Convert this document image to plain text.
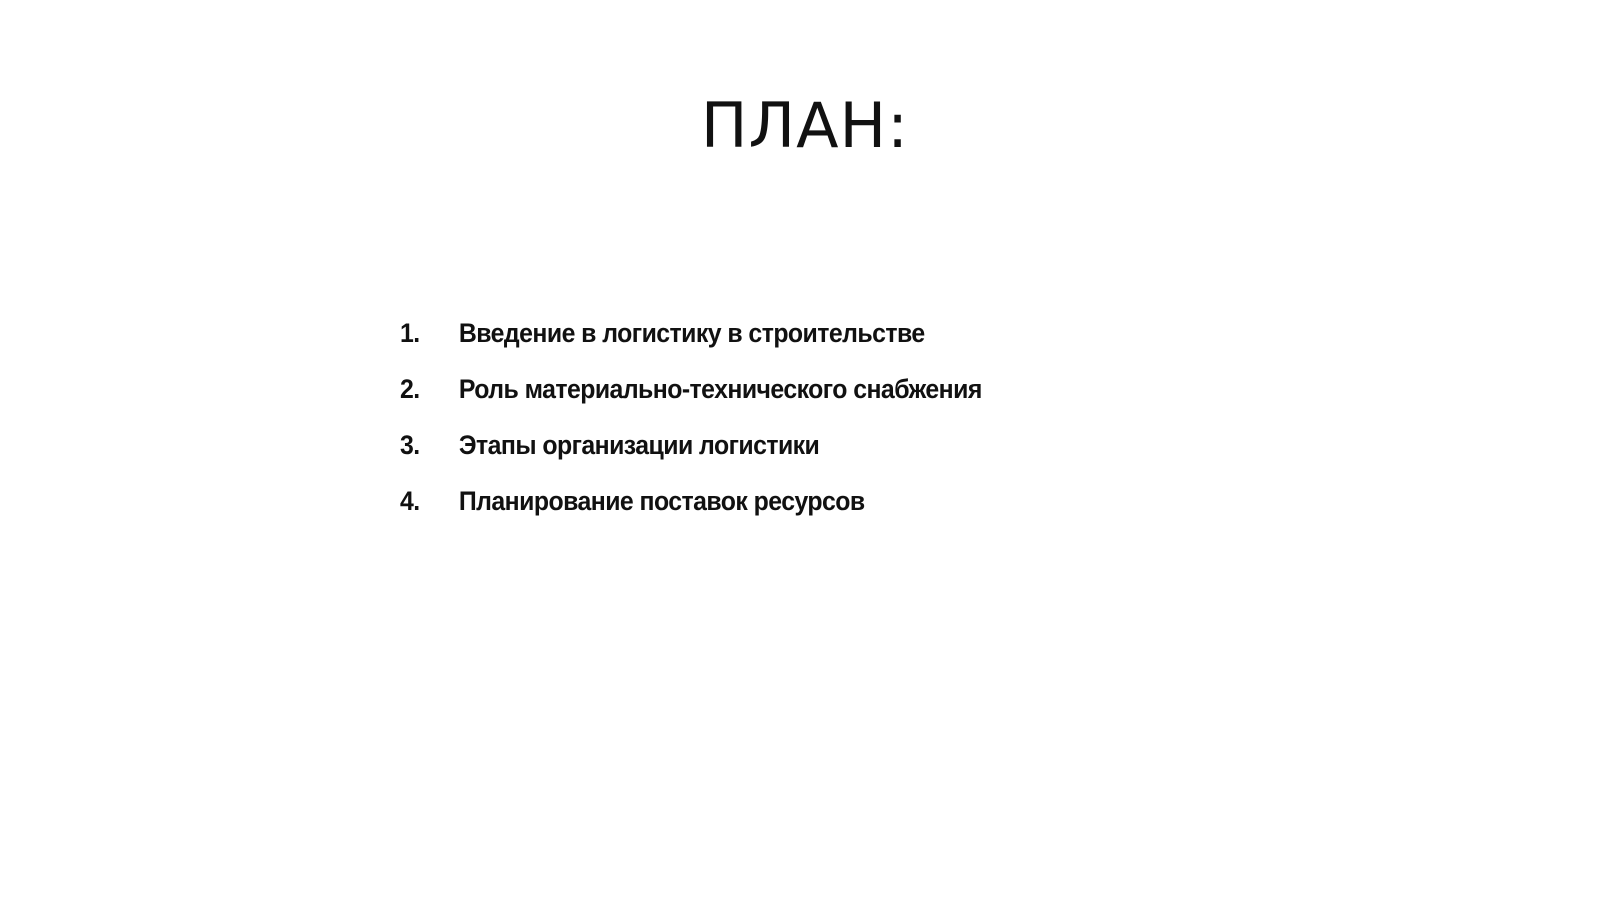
ПЛАН:
1.	Введение в логистику в строительстве
2.	Роль материально-технического снабжения
3.	Этапы организации логистики
4.	Планирование поставок ресурсов
